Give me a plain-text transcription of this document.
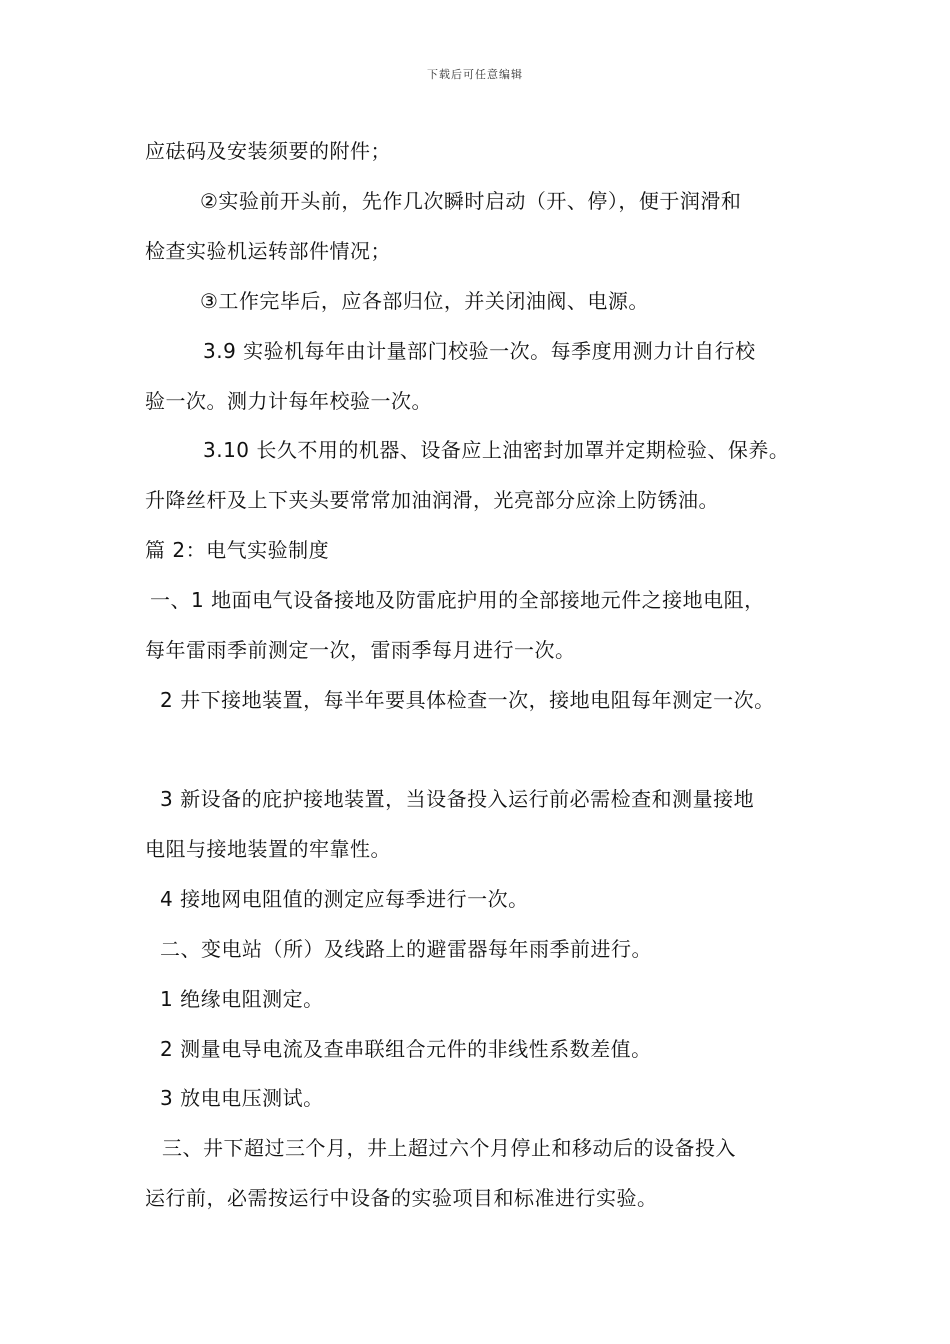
下载后可任意编辑
应砝码及安装须要的附件；
②实验前开头前，先作几次瞬时启动（开、停），便于润滑和
检查实验机运转部件情况；
③工作完毕后，应各部归位，并关闭油阀、电源。
3.9 实验机每年由计量部门校验一次。每季度用测力计自行校
验一次。测力计每年校验一次。
3.10 长久不用的机器、设备应上油密封加罩并定期检验、保养。
升降丝杆及上下夹头要常常加油润滑，光亮部分应涂上防锈油。
篇 2：电气实验制度
一、1 地面电气设备接地及防雷庇护用的全部接地元件之接地电阻，
每年雷雨季前测定一次，雷雨季每月进行一次。
2 井下接地装置，每半年要具体检查一次，接地电阻每年测定一次。
3 新设备的庇护接地装置，当设备投入运行前必需检查和测量接地
电阻与接地装置的牢靠性。
4 接地网电阻值的测定应每季进行一次。
二、变电站（所）及线路上的避雷器每年雨季前进行。
1 绝缘电阻测定。
2 测量电导电流及查串联组合元件的非线性系数差值。
3 放电电压测试。
三、井下超过三个月，井上超过六个月停止和移动后的设备投入
运行前，必需按运行中设备的实验项目和标准进行实验。
